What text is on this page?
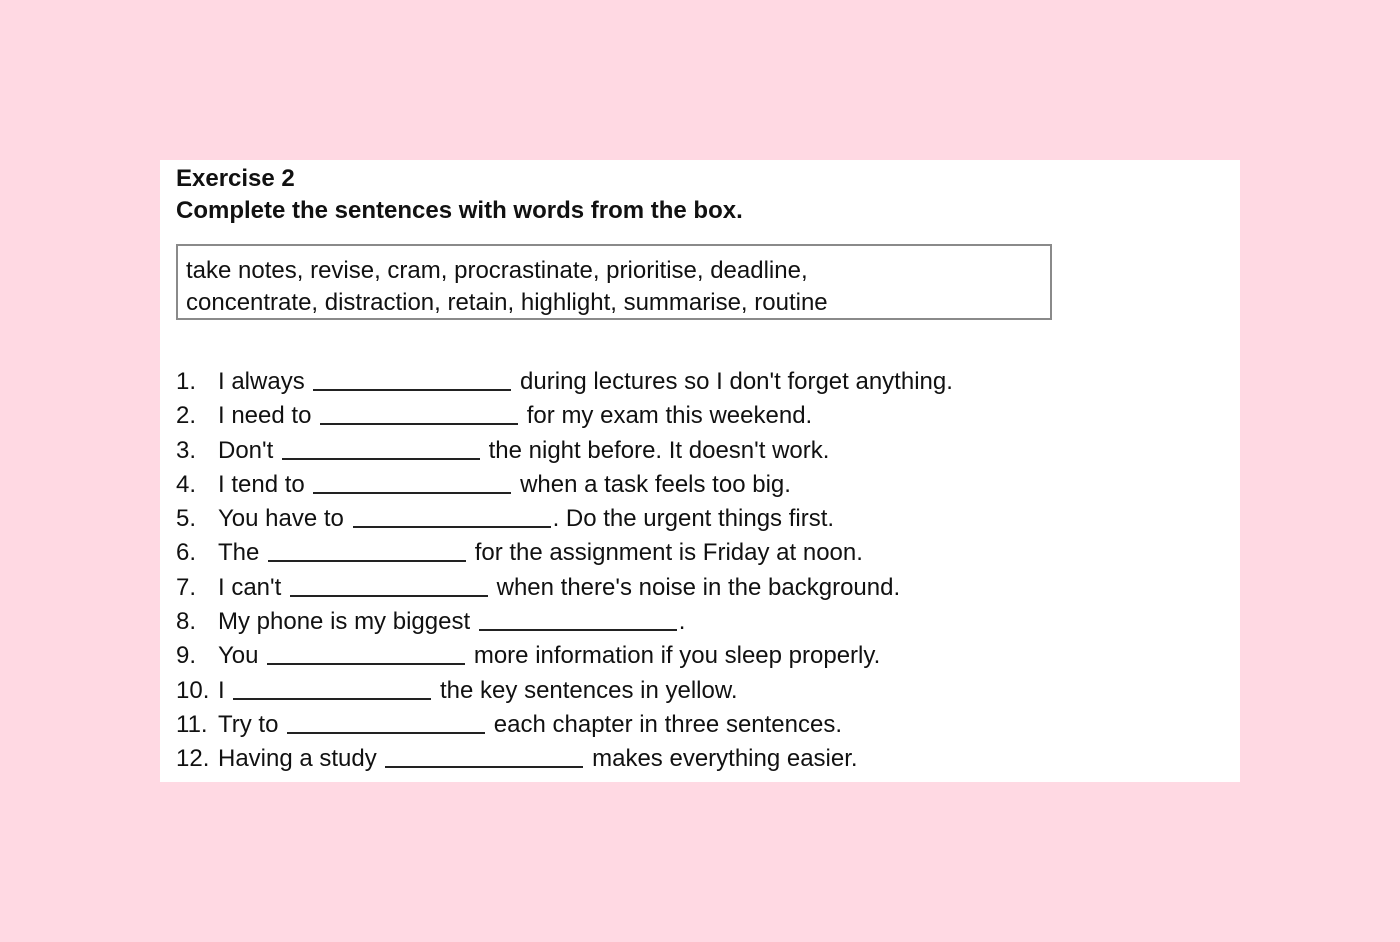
Exercise 2
Complete the sentences with words from the box.
take notes, revise, cram, procrastinate, prioritise, deadline,
concentrate, distraction, retain, highlight, summarise, routine
1. I always	during lectures so I don't forget anything.
2. I need to	for my exam this weekend.
3. Don't	the night before. It doesn't work.
4. I tend to	when a task feels too big.
5. You have to	. Do the urgent things first.
6. The	for the assignment is Friday at noon.
7. I can't	when there's noise in the background.
8. My phone is my biggest	.
9. You	more information if you sleep properly.
10. I	the key sentences in yellow.
11. Try to	each chapter in three sentences.
12. Having a study	makes everything easier.
